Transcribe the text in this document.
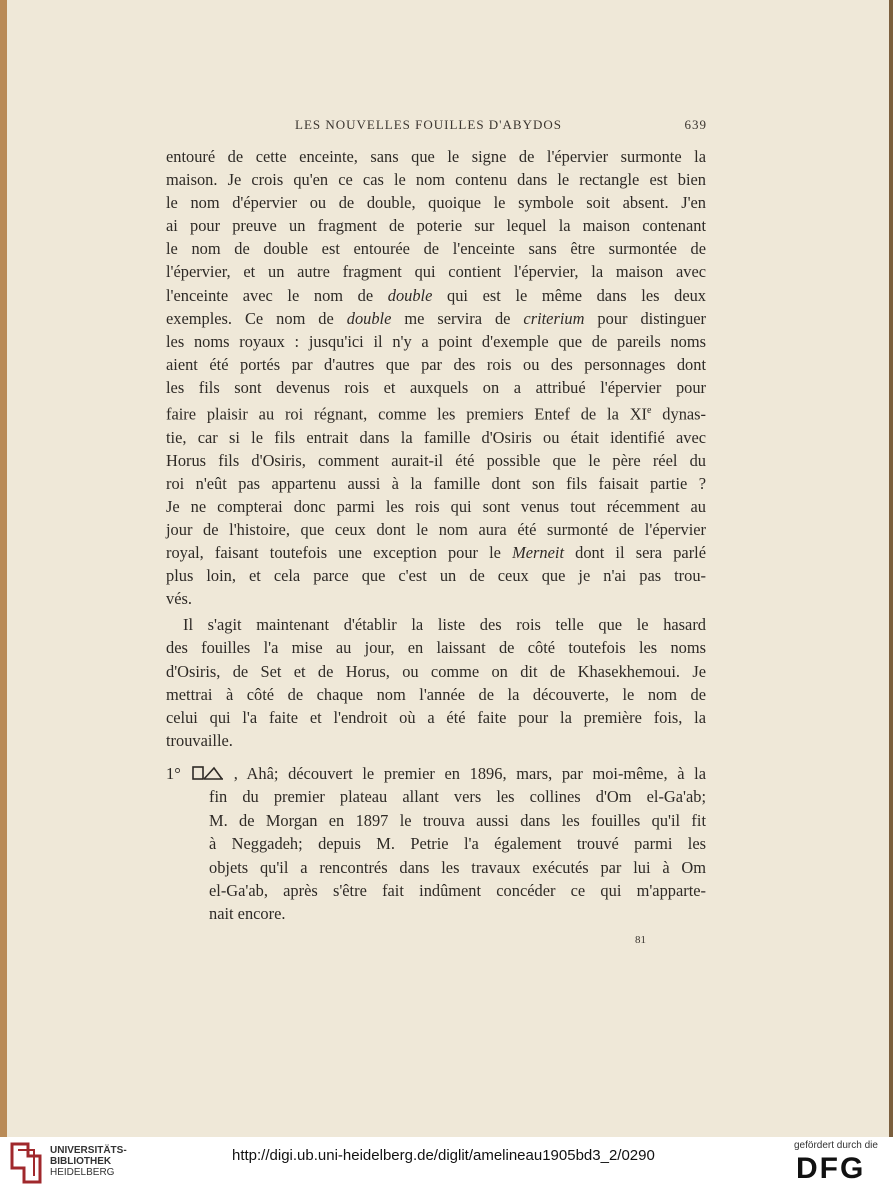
LES NOUVELLES FOUILLES D'ABYDOS	639

entouré de cette enceinte, sans que le signe de l'épervier surmonte la

maison. Je crois qu'en ce cas le nom contenu dans le rectangle est bien

le nom d'épervier ou de double, quoique le symbole soit absent. J'en

ai pour preuve un fragment de poterie sur lequel la maison contenant

le nom de double est entourée de l'enceinte sans être surmontée de

l'épervier, et un autre fragment qui contient l'épervier, la maison avec

l'enceinte avec le nom de double qui est le même dans les deux

exemples. Ce nom de double me servira de criterium pour distinguer

les noms royaux : jusqu'ici il n'y a point d'exemple que de pareils noms

aient été portés par d'autres que par des rois ou des personnages dont

les fils sont devenus rois et auxquels on a attribué l'épervier pour

faire plaisir au roi régnant, comme les premiers Entef de la XIe dynas-

tie, car si le fils entrait dans la famille d'Osiris ou était identifié avec

Horus fils d'Osiris, comment aurait-il été possible que le père réel du

roi n'eût pas appartenu aussi à la famille dont son fils faisait partie ?

Je ne compterai donc parmi les rois qui sont venus tout récemment au

jour de l'histoire, que ceux dont le nom aura été surmonté de l'épervier

royal, faisant toutefois une exception pour le Merneit dont il sera parlé

plus loin, et cela parce que c'est un de ceux que je n'ai pas trou-

vés.

Il s'agit maintenant d'établir la liste des rois telle que le hasard

des fouilles l'a mise au jour, en laissant de côté toutefois les noms

d'Osiris, de Set et de Horus, ou comme on dit de Khasekhemoui. Je

mettrai à côté de chaque nom l'année de la découverte, le nom de

celui qui l'a faite et l'endroit où a été faite pour la première fois, la

trouvaille.

1°	, Ahâ; découvert le premier en 1896, mars, par moi-même, à la
fin du premier plateau allant vers les collines d'Om el-Ga'ab;
M. de Morgan en 1897 le trouva aussi dans les fouilles qu'il fit
à Neggadeh; depuis M. Petrie l'a également trouvé parmi les
objets qu'il a rencontrés dans les travaux exécutés par lui à Om
el-Ga'ab, après s'être fait indûment concéder ce qui m'apparte-
nait encore.
81
UNIVERSITÄTS-
BIBLIOTHEK
HEIDELBERG
http://digi.ub.uni-heidelberg.de/diglit/amelineau1905bd3_2/0290
gefördert durch die
DFG
